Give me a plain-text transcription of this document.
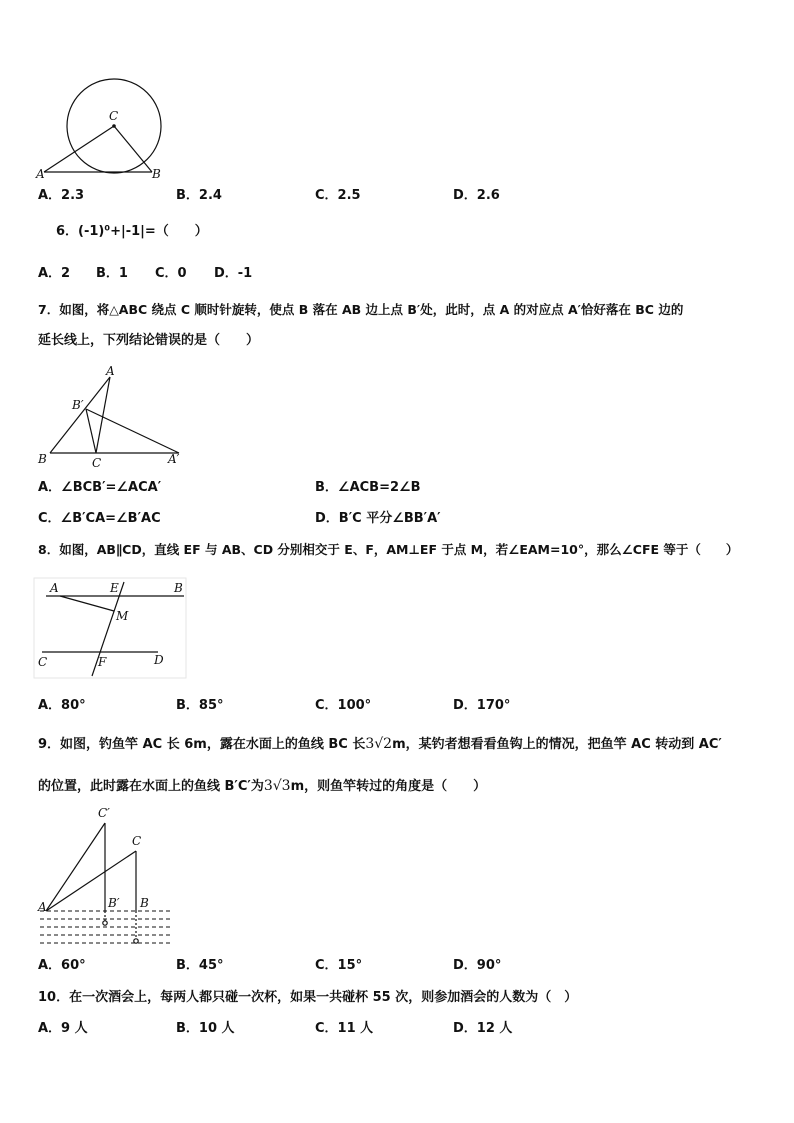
C
A	B
A．2.3	B．2.4	C．2.5	D．2.6
6．(-1)⁰+|-1|=（　　）
A．2 B．1 C．0 D．-1
7．如图，将△ABC 绕点 C 顺时针旋转，使点 B 落在 AB 边上点 B′处，此时，点 A 的对应点 A′恰好落在 BC 边的
延长线上，下列结论错误的是（　　）
A
B′
B	C	A′
A．∠BCB′=∠ACA′	B．∠ACB=2∠B
C．∠B′CA=∠B′AC	D．B′C 平分∠BB′A′
8．如图，AB∥CD，直线 EF 与 AB、CD 分别相交于 E、F，AM⊥EF 于点 M，若∠EAM=10°，那么∠CFE 等于（　　）
A	E	B
M
C	F	D
A．80°	B．85°	C．100°	D．170°
9．如图，钓鱼竿 AC 长 6m，露在水面上的鱼线 BC 长3√2m，某钓者想看看鱼钩上的情况，把鱼竿 AC 转动到 AC′
的位置，此时露在水面上的鱼线 B′C′为3√3m，则鱼竿转过的角度是（　　）
C′
C
A	B′ B
A．60°	B．45°	C．15°	D．90°
10．在一次酒会上，每两人都只碰一次杯，如果一共碰杯 55 次，则参加酒会的人数为（　）
A．9 人	B．10 人	C．11 人	D．12 人
